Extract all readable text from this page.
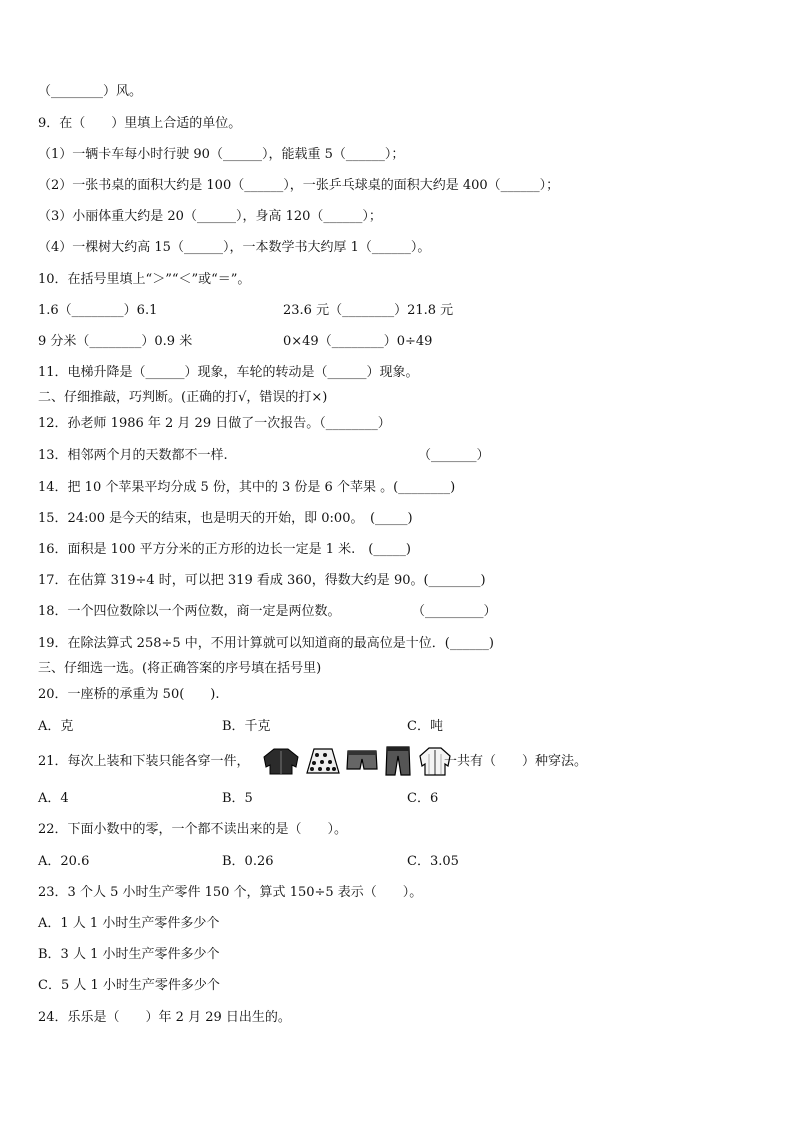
（________）风。
9．在（　　）里填上合适的单位。
（1）一辆卡车每小时行驶 90（______），能载重 5（______）；
（2）一张书桌的面积大约是 100（______），一张乒乓球桌的面积大约是 400（______）；
（3）小丽体重大约是 20（______），身高 120（______）；
（4）一棵树大约高 15（______），一本数学书大约厚 1（______）。
10．在括号里填上“＞”“＜”或“＝”。
1.6（________）6.1	23.6 元（________）21.8 元
9 分米（________）0.9 米	0×49（________）0÷49
11．电梯升降是（______）现象，车轮的转动是（______）现象。
二、仔细推敲，巧判断。(正确的打√，错误的打×)
12．孙老师 1986 年 2 月 29 日做了一次报告。（________）
13．相邻两个月的天数都不一样.	（_______）
14．把 10 个苹果平均分成 5 份，其中的 3 份是 6 个苹果 。(________)
15．24:00 是今天的结束，也是明天的开始，即 0:00。　(_____)
16．面积是 100 平方分米的正方形的边长一定是 1 米.　(_____)
17．在估算 319÷4 时，可以把 319 看成 360，得数大约是 90。(________)
18．一个四位数除以一个两位数，商一定是两位数。	（_________）
19．在除法算式 258÷5 中，不用计算就可以知道商的最高位是十位．(______)
三、仔细选一选。(将正确答案的序号填在括号里)
20．一座桥的承重为 50(　　).
A．克	B．千克	C．吨
21．每次上装和下装只能各穿一件，	一共有（　　）种穿法。
A．4	B．5	C．6
22．下面小数中的零，一个都不读出来的是（　　）。
A．20.6	B．0.26	C．3.05
23．3 个人 5 小时生产零件 150 个，算式 150÷5 表示（　　）。
A．1 人 1 小时生产零件多少个
B．3 人 1 小时生产零件多少个
C．5 人 1 小时生产零件多少个
24．乐乐是（　　）年 2 月 29 日出生的。
